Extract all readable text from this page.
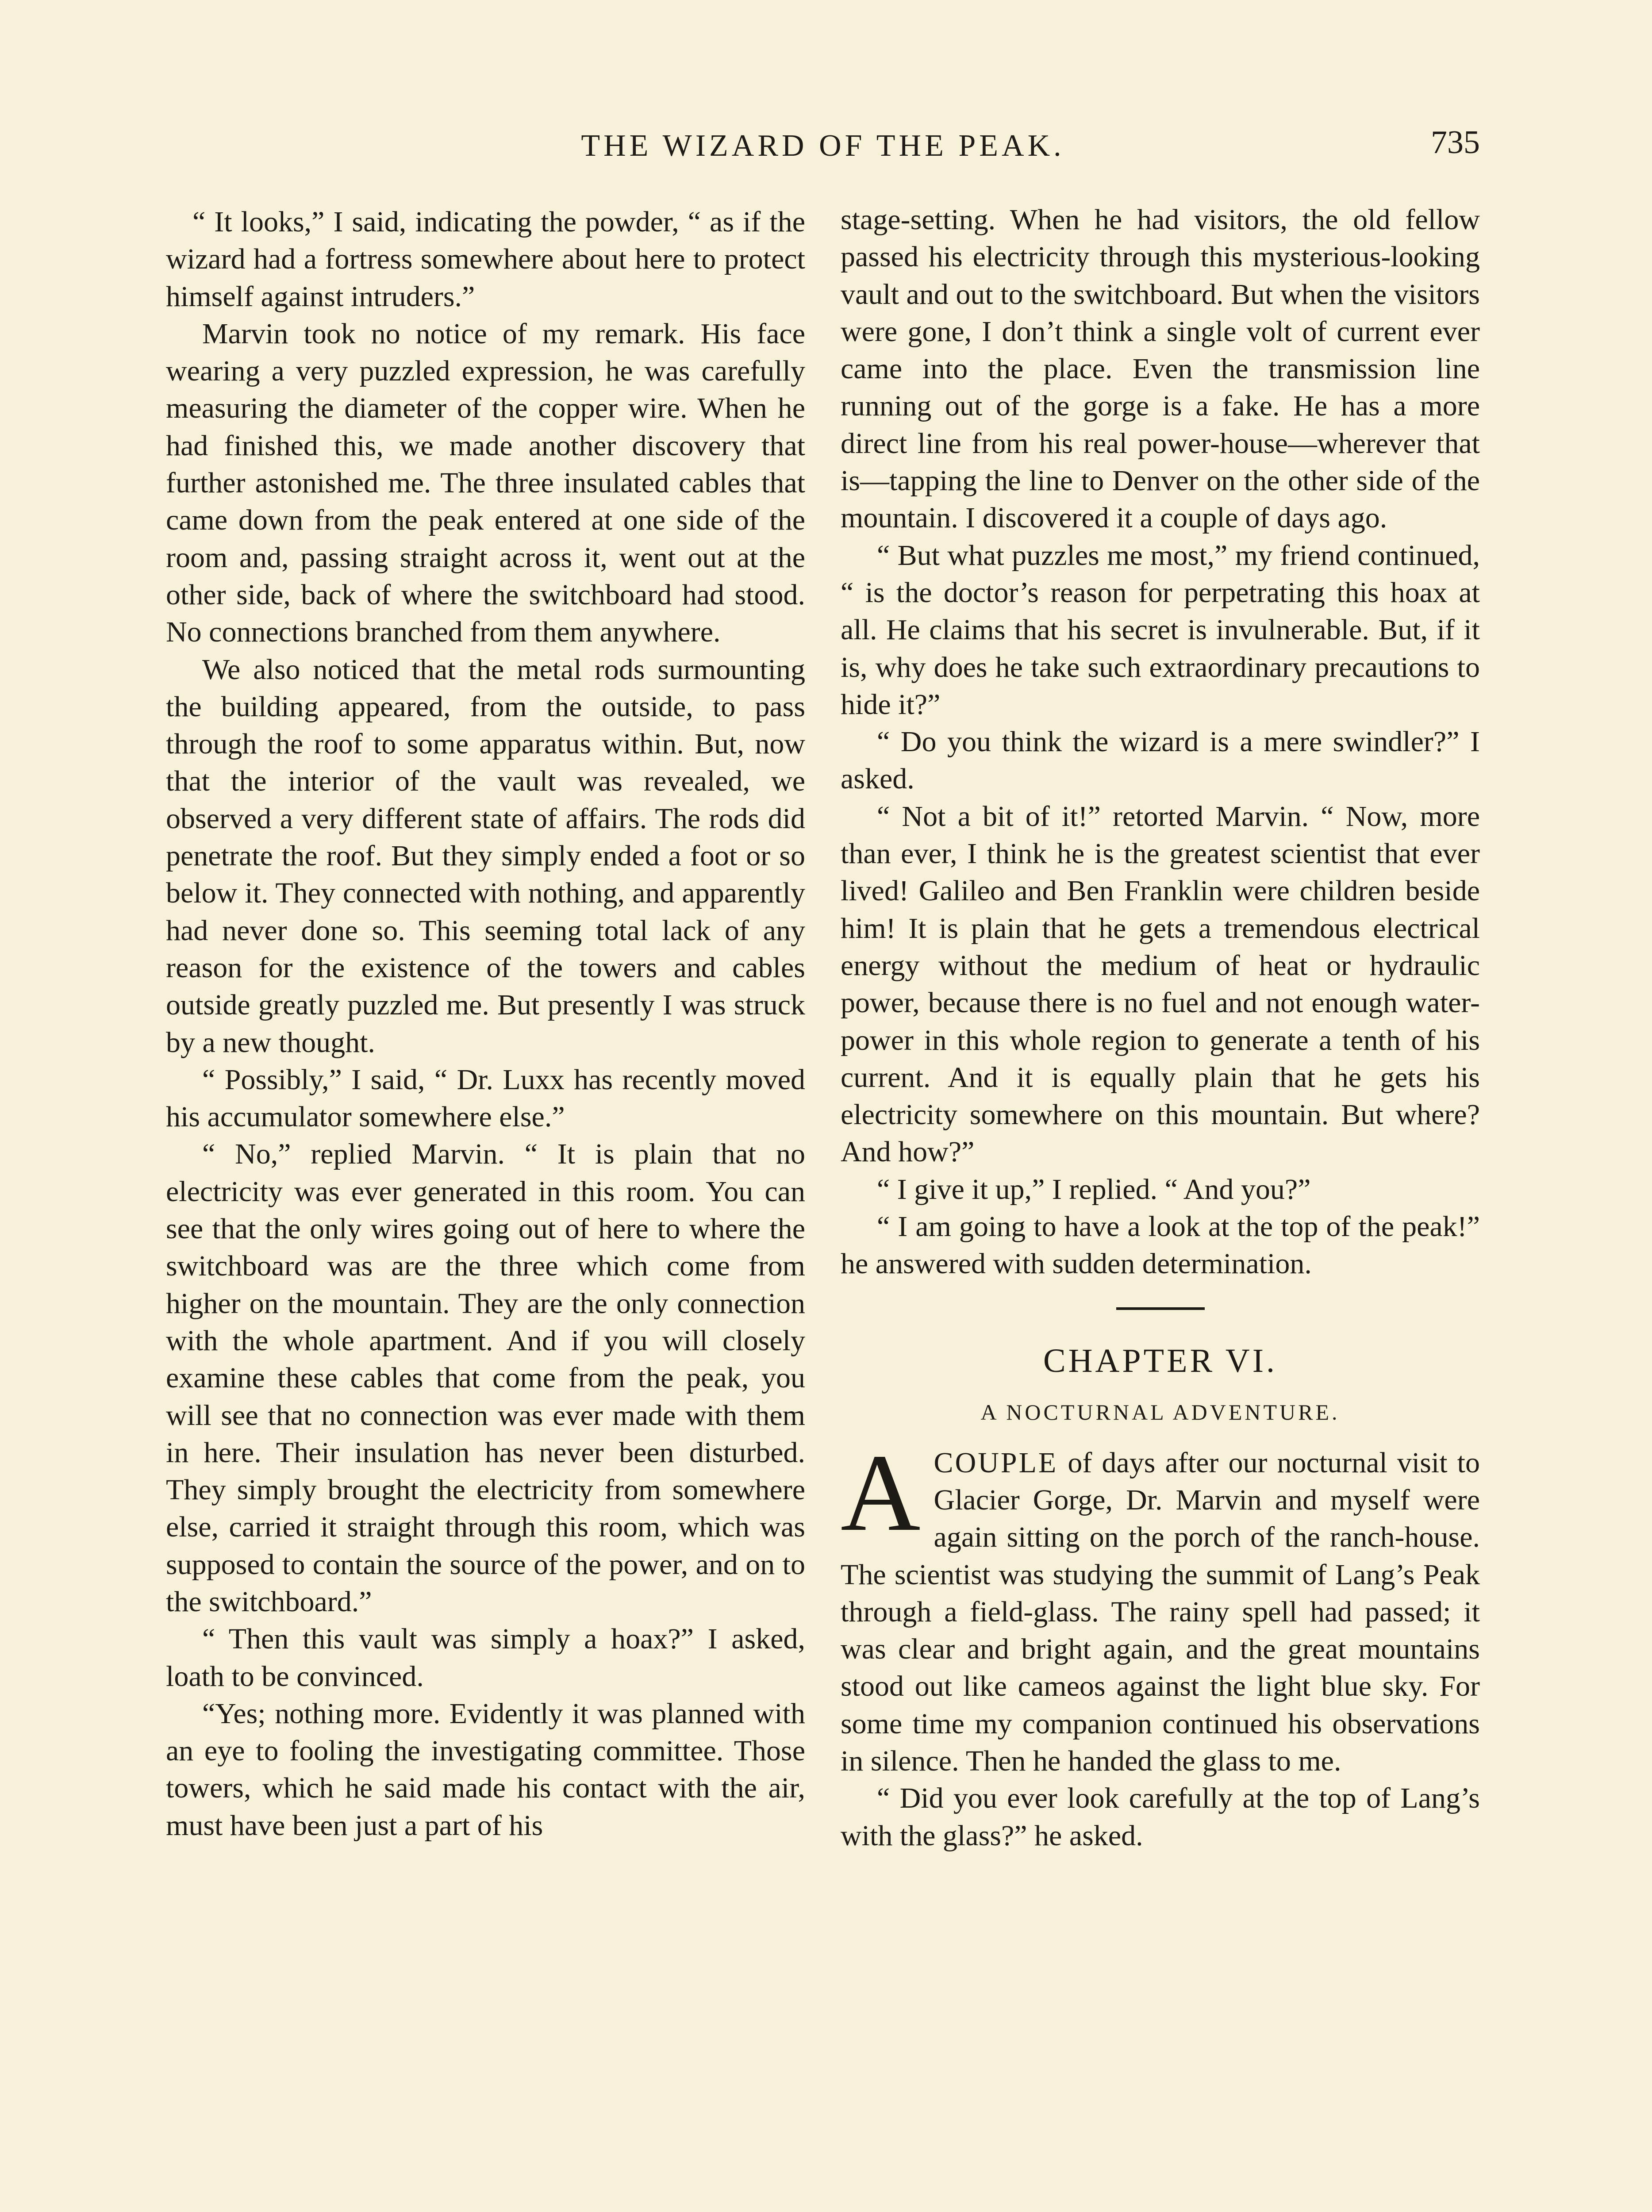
THE WIZARD OF THE PEAK.	735

“ It looks,” I said, indicating the powder, “ as if the wizard had a fortress somewhere about here to protect himself against intruders.”

Marvin took no notice of my remark. His face wearing a very puzzled expression, he was carefully measuring the diameter of the copper wire. When he had finished this, we made another discovery that further astonished me. The three insulated cables that came down from the peak entered at one side of the room and, passing straight across it, went out at the other side, back of where the switchboard had stood. No connections branched from them anywhere.

We also noticed that the metal rods surmounting the building appeared, from the outside, to pass through the roof to some apparatus within. But, now that the interior of the vault was revealed, we observed a very different state of affairs. The rods did penetrate the roof. But they simply ended a foot or so below it. They connected with nothing, and apparently had never done so. This seeming total lack of any reason for the existence of the towers and cables outside greatly puzzled me. But presently I was struck by a new thought.

“ Possibly,” I said, “ Dr. Luxx has recently moved his accumulator somewhere else.”

“ No,” replied Marvin. “ It is plain that no electricity was ever generated in this room. You can see that the only wires going out of here to where the switchboard was are the three which come from higher on the mountain. They are the only connection with the whole apartment. And if you will closely examine these cables that come from the peak, you will see that no connection was ever made with them in here. Their insulation has never been disturbed. They simply brought the electricity from somewhere else, carried it straight through this room, which was supposed to contain the source of the power, and on to the switchboard.”

“ Then this vault was simply a hoax?” I asked, loath to be convinced.

“Yes; nothing more. Evidently it was planned with an eye to fooling the investigating committee. Those towers, which he said made his contact with the air, must have been just a part of his

stage-setting. When he had visitors, the old fellow passed his electricity through this mysterious-looking vault and out to the switchboard. But when the visitors were gone, I don’t think a single volt of current ever came into the place. Even the transmission line running out of the gorge is a fake. He has a more direct line from his real power-house—wherever that is—tapping the line to Denver on the other side of the mountain. I discovered it a couple of days ago.

“ But what puzzles me most,” my friend continued, “ is the doctor’s reason for perpetrating this hoax at all. He claims that his secret is invulnerable. But, if it is, why does he take such extraordinary precautions to hide it?”

“ Do you think the wizard is a mere swindler?” I asked.

“ Not a bit of it!” retorted Marvin. “ Now, more than ever, I think he is the greatest scientist that ever lived! Galileo and Ben Franklin were children beside him! It is plain that he gets a tremendous electrical energy without the medium of heat or hydraulic power, because there is no fuel and not enough water-power in this whole region to generate a tenth of his current. And it is equally plain that he gets his electricity somewhere on this mountain. But where? And how?”

“ I give it up,” I replied. “ And you?”

“ I am going to have a look at the top of the peak!” he answered with sudden determination.

CHAPTER VI.
A NOCTURNAL ADVENTURE.

ACOUPLE of days after our nocturnal visit to Glacier Gorge, Dr. Marvin and myself were again sitting on the porch of the ranch-house. The scientist was studying the summit of Lang’s Peak through a field-glass. The rainy spell had passed; it was clear and bright again, and the great mountains stood out like cameos against the light blue sky. For some time my companion continued his observations in silence. Then he handed the glass to me.

“ Did you ever look carefully at the top of Lang’s with the glass?” he asked.
